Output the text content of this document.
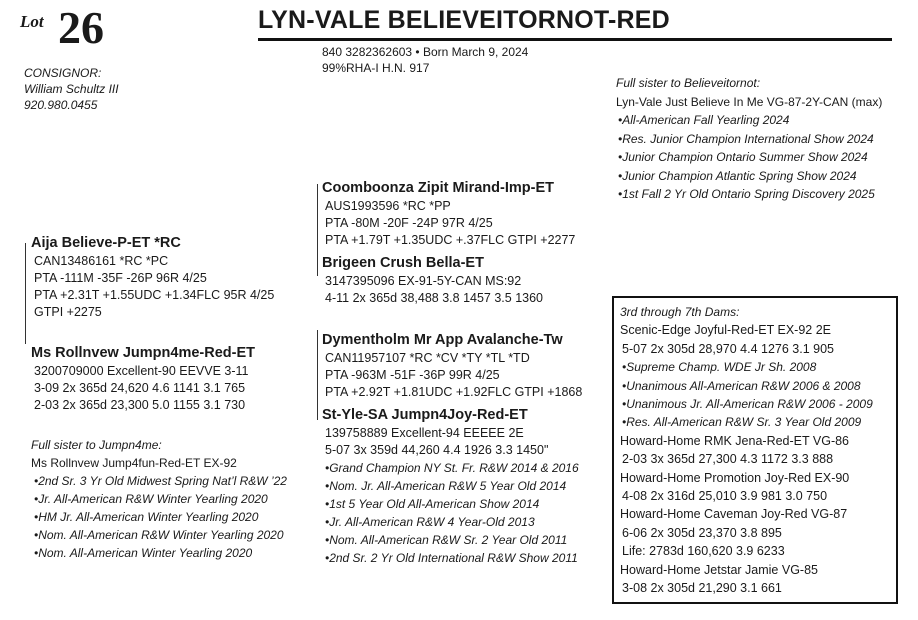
Lot 26	LYN-VALE BELIEVEITORNOT-RED
840 3282362603 • Born March 9, 2024
99%RHA-I H.N. 917
CONSIGNOR:
William Schultz III
920.980.0455
Full sister to Believeitornot:
Lyn-Vale Just Believe In Me VG-87-2Y-CAN (max)
•All-American Fall Yearling 2024
•Res. Junior Champion International Show 2024
•Junior Champion Ontario Summer Show 2024
•Junior Champion Atlantic Spring Show 2024
•1st Fall 2 Yr Old Ontario Spring Discovery 2025
Aija Believe-P-ET *RC
CAN13486161 *RC *PC
PTA -111M -35F -26P 96R 4/25
PTA +2.31T +1.55UDC +1.34FLC 95R 4/25
GTPI +2275
Coomboonza Zipit Mirand-Imp-ET
AUS1993596 *RC *PP
PTA -80M -20F -24P 97R 4/25
PTA +1.79T +1.35UDC +.37FLC GTPI +2277
Brigeen Crush Bella-ET
3147395096 EX-91-5Y-CAN MS:92
4-11 2x 365d 38,488 3.8 1457 3.5 1360
Ms Rollnvew Jumpn4me-Red-ET
3200709000 Excellent-90 EEVVE 3-11
3-09 2x 365d 24,620 4.6 1141 3.1 765
2-03 2x 365d 23,300 5.0 1155 3.1 730
Dymentholm Mr App Avalanche-Tw
CAN11957107 *RC *CV *TY *TL *TD
PTA -963M -51F -36P 99R 4/25
PTA +2.92T +1.81UDC +1.92FLC GTPI +1868
St-Yle-SA Jumpn4Joy-Red-ET
139758889 Excellent-94 EEEEE 2E
5-07 3x 359d 44,260 4.4 1926 3.3 1450"
•Grand Champion NY St. Fr. R&W 2014 & 2016
•Nom. Jr. All-American R&W 5 Year Old 2014
•1st 5 Year Old All-American Show 2014
•Jr. All-American R&W 4 Year-Old 2013
•Nom. All-American R&W Sr. 2 Year Old 2011
•2nd Sr. 2 Yr Old International R&W Show 2011
Full sister to Jumpn4me:
Ms Rollnvew Jump4fun-Red-ET EX-92
•2nd Sr. 3 Yr Old Midwest Spring Nat’l R&W ’22
•Jr. All-American R&W Winter Yearling 2020
•HM Jr. All-American Winter Yearling 2020
•Nom. All-American R&W Winter Yearling 2020
•Nom. All-American Winter Yearling 2020
3rd through 7th Dams:
Scenic-Edge Joyful-Red-ET EX-92 2E
5-07 2x 305d 28,970 4.4 1276 3.1 905
•Supreme Champ. WDE Jr Sh. 2008
•Unanimous All-American R&W 2006 & 2008
•Unanimous Jr. All-American R&W 2006 - 2009
•Res. All-American R&W Sr. 3 Year Old 2009
Howard-Home RMK Jena-Red-ET VG-86
2-03 3x 365d 27,300 4.3 1172 3.3 888
Howard-Home Promotion Joy-Red EX-90
4-08 2x 316d 25,010 3.9 981 3.0 750
Howard-Home Caveman Joy-Red VG-87
6-06 2x 305d 23,370 3.8 895
Life: 2783d 160,620 3.9 6233
Howard-Home Jetstar Jamie VG-85
3-08 2x 305d 21,290 3.1 661
